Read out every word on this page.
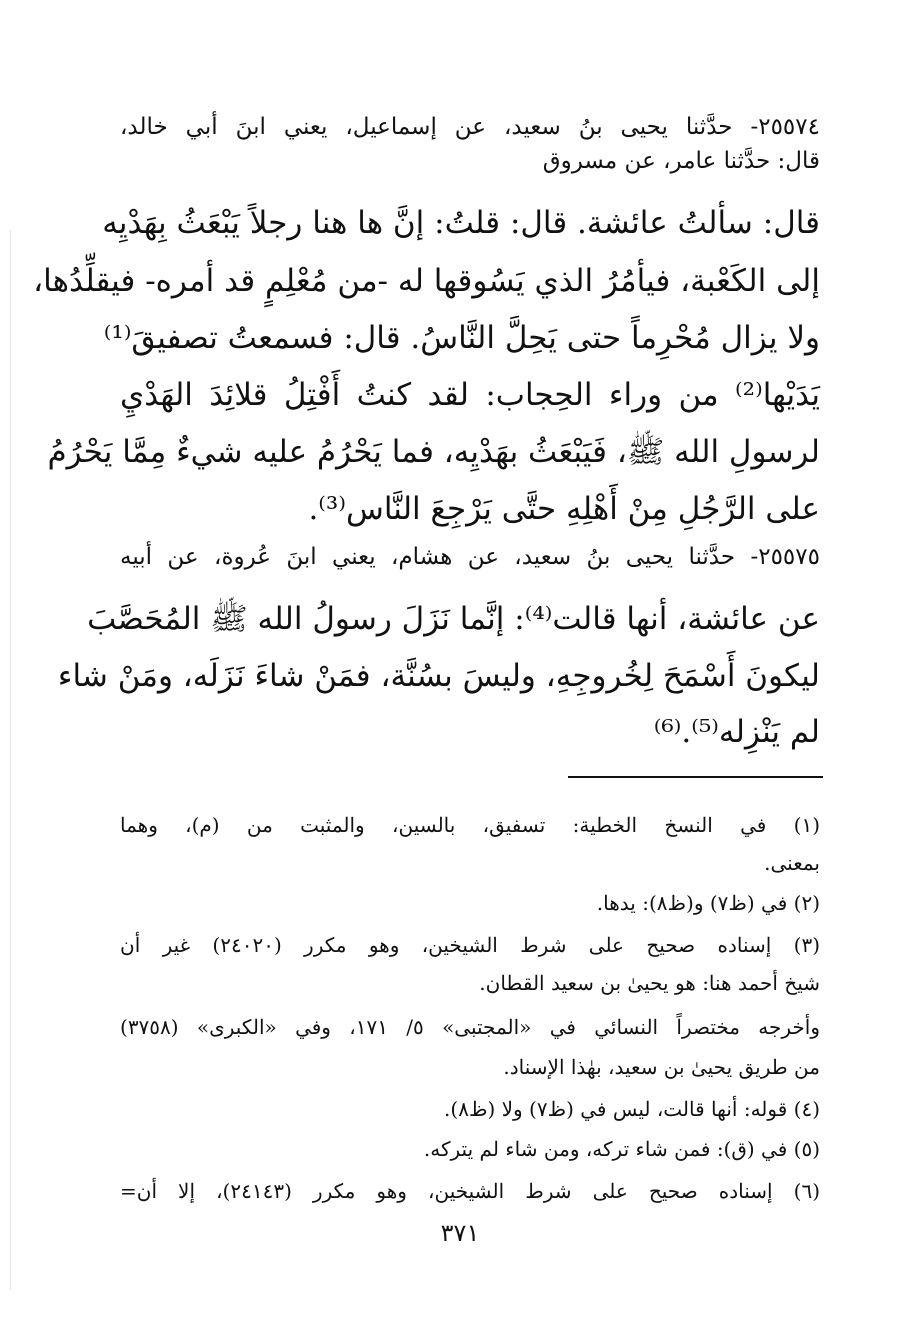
٢٥٥٧٤- حدَّثنا يحيى بنُ سعيد، عن إسماعيل، يعني ابنَ أبي خالد،
قال: حدَّثنا عامر، عن مسروق
قال: سألتُ عائشة. قال: قلتُ: إنَّ ها هنا رجلاً يَبْعَثُ بِهَدْيِه
إلى الكَعْبة، فيأمُرُ الذي يَسُوقها له -من مُعْلِمٍ قد أمره- فيقلِّدُها،
ولا يزال مُحْرِماً حتى يَحِلَّ النَّاسُ. قال: فسمعتُ تصفيقَ⁽¹⁾
يَدَيْها⁽²⁾ من وراء الحِجاب: لقد كنتُ أَفْتِلُ قلائِدَ الهَدْيِ
لرسولِ الله ﷺ، فَيَبْعَثُ بهَدْيِه، فما يَحْرُمُ عليه شيءٌ مِمَّا يَحْرُمُ
على الرَّجُلِ مِنْ أَهْلِهِ حتَّى يَرْجِعَ النَّاس⁽³⁾.
٢٥٥٧٥- حدَّثنا يحيى بنُ سعيد، عن هشام، يعني ابنَ عُروة، عن أبيه
عن عائشة، أنها قالت⁽⁴⁾: إنَّما نَزَلَ رسولُ الله ﷺ المُحَصَّبَ
ليكونَ أَسْمَحَ لِخُروجِهِ، وليسَ بسُنَّة، فمَنْ شاءَ نَزَلَه، ومَنْ شاء
لم يَنْزِله⁽⁵⁾.⁽⁶⁾
(١) في النسخ الخطية: تسفيق، بالسين، والمثبت من (م)، وهما
بمعنى.
(٢) في (ظ٧) و(ظ٨): يدها.
(٣) إسناده صحيح على شرط الشيخين، وهو مكرر (٢٤٠٢٠) غير أن
شيخ أحمد هنا: هو يحيىٰ بن سعيد القطان.
وأخرجه مختصراً النسائي في «المجتبى» ٥/ ١٧١، وفي «الكبرى» (٣٧٥٨)
من طريق يحيىٰ بن سعيد، بهٰذا الإسناد.
(٤) قوله: أنها قالت، ليس في (ظ٧) ولا (ظ٨).
(٥) في (ق): فمن شاء تركه، ومن شاء لم يتركه.
(٦) إسناده صحيح على شرط الشيخين، وهو مكرر (٢٤١٤٣)، إلا أن=
٣٧١
